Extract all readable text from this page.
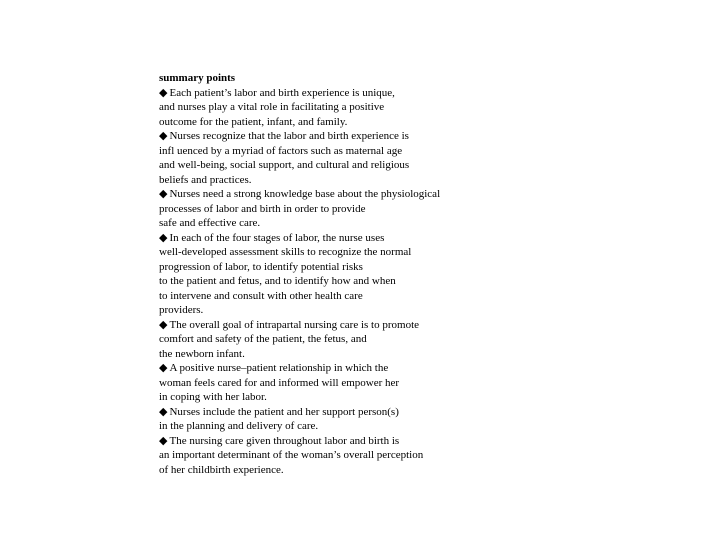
summary points
◆ Each patient’s labor and birth experience is unique,
and nurses play a vital role in facilitating a positive
outcome for the patient, infant, and family.
◆ Nurses recognize that the labor and birth experience is
infl uenced by a myriad of factors such as maternal age
and well-being, social support, and cultural and religious
beliefs and practices.
◆ Nurses need a strong knowledge base about the physiological
processes of labor and birth in order to provide
safe and effective care.
◆ In each of the four stages of labor, the nurse uses
well-developed assessment skills to recognize the normal
progression of labor, to identify potential risks
to the patient and fetus, and to identify how and when
to intervene and consult with other health care
providers.
◆ The overall goal of intrapartal nursing care is to promote
comfort and safety of the patient, the fetus, and
the newborn infant.
◆ A positive nurse–patient relationship in which the
woman feels cared for and informed will empower her
in coping with her labor.
◆ Nurses include the patient and her support person(s)
in the planning and delivery of care.
◆ The nursing care given throughout labor and birth is
an important determinant of the woman’s overall perception
of her childbirth experience.
